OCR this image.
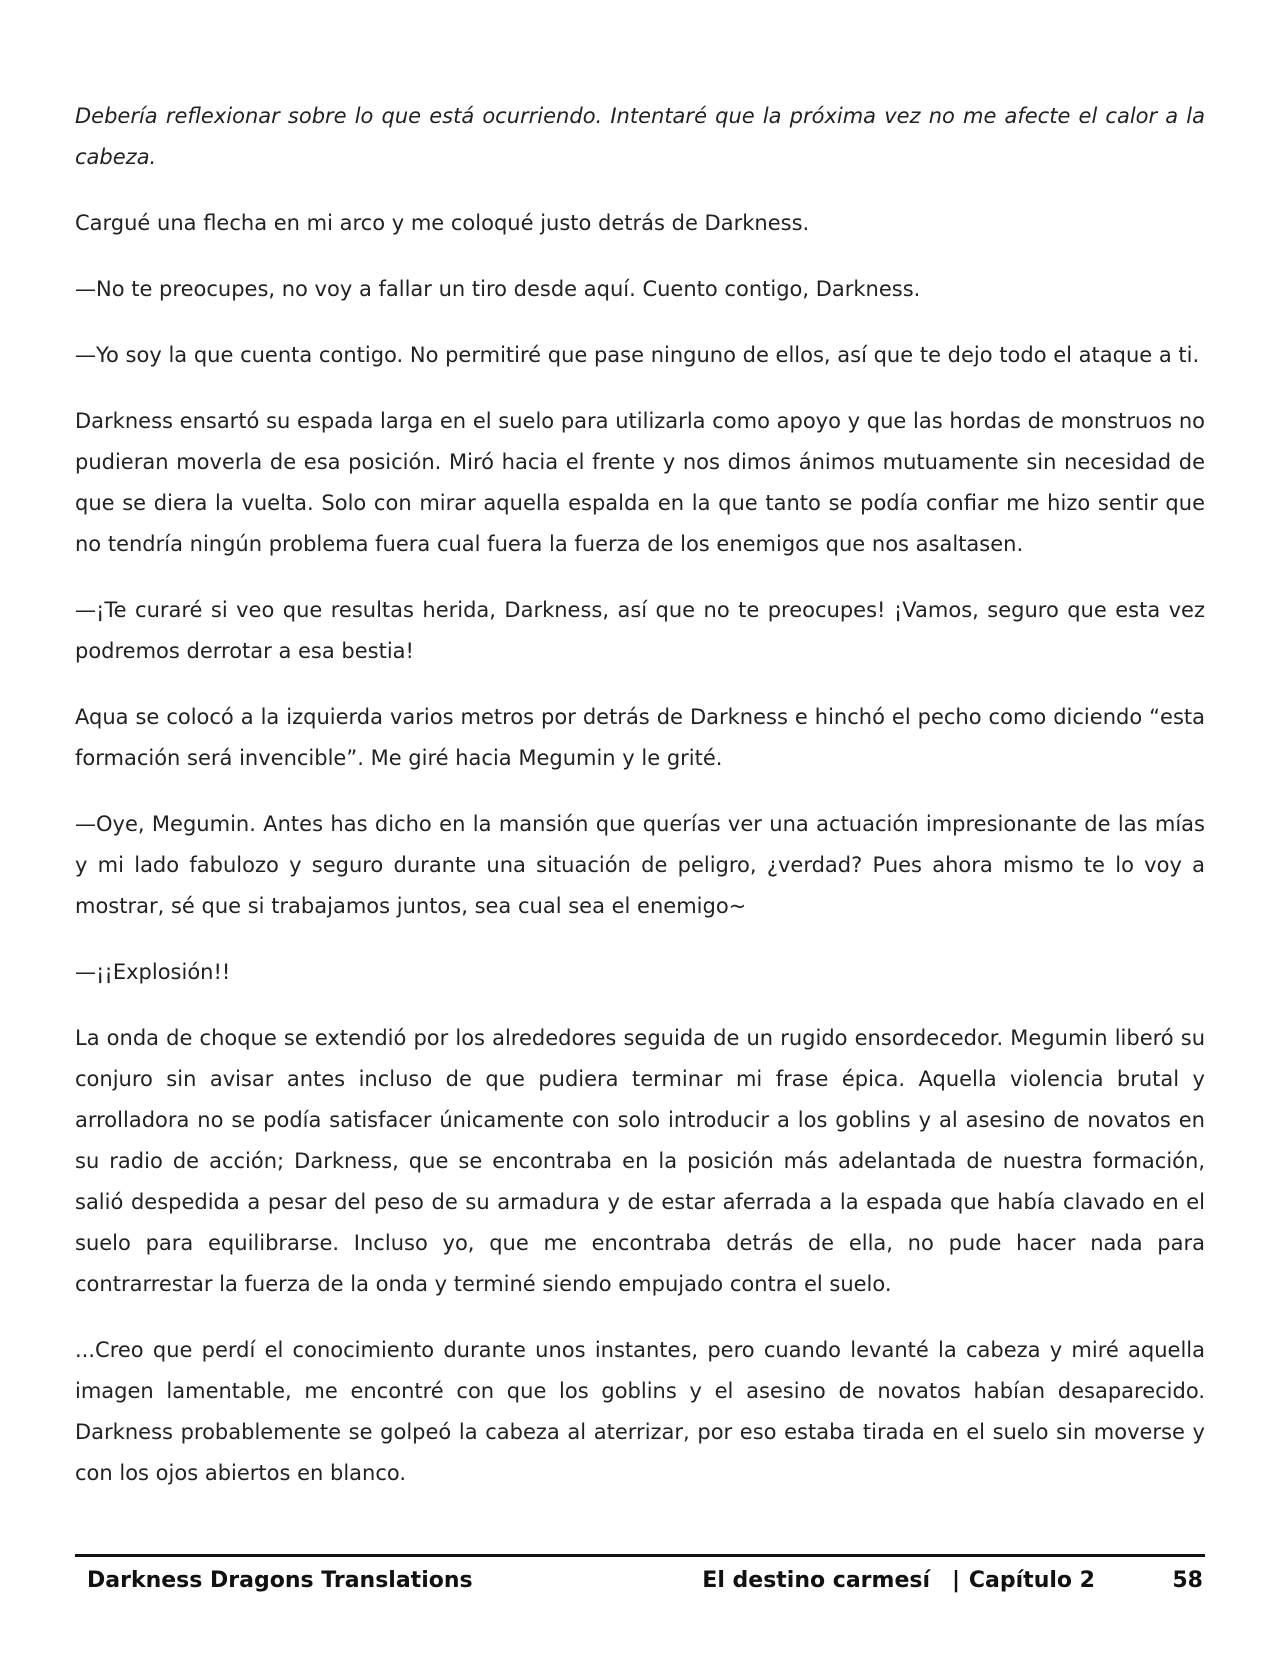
Debería reflexionar sobre lo que está ocurriendo. Intentaré que la próxima vez no me afecte el calor a la cabeza.

Cargué una flecha en mi arco y me coloqué justo detrás de Darkness.

—No te preocupes, no voy a fallar un tiro desde aquí. Cuento contigo, Darkness.

—Yo soy la que cuenta contigo. No permitiré que pase ninguno de ellos, así que te dejo todo el ataque a ti.

Darkness ensartó su espada larga en el suelo para utilizarla como apoyo y que las hordas de monstruos no pudieran moverla de esa posición. Miró hacia el frente y nos dimos ánimos mutuamente sin necesidad de que se diera la vuelta. Solo con mirar aquella espalda en la que tanto se podía confiar me hizo sentir que no tendría ningún problema fuera cual fuera la fuerza de los enemigos que nos asaltasen.

—¡Te curaré si veo que resultas herida, Darkness, así que no te preocupes! ¡Vamos, seguro que esta vez podremos derrotar a esa bestia!

Aqua se colocó a la izquierda varios metros por detrás de Darkness e hinchó el pecho como diciendo “esta formación será invencible”. Me giré hacia Megumin y le grité.

—Oye, Megumin. Antes has dicho en la mansión que querías ver una actuación impresionante de las mías y mi lado fabulozo y seguro durante una situación de peligro, ¿verdad? Pues ahora mismo te lo voy a mostrar, sé que si trabajamos juntos, sea cual sea el enemigo~

—¡¡Explosión!!

La onda de choque se extendió por los alrededores seguida de un rugido ensordecedor. Megumin liberó su conjuro sin avisar antes incluso de que pudiera terminar mi frase épica. Aquella violencia brutal y arrolladora no se podía satisfacer únicamente con solo introducir a los goblins y al asesino de novatos en su radio de acción; Darkness, que se encontraba en la posición más adelantada de nuestra formación, salió despedida a pesar del peso de su armadura y de estar aferrada a la espada que había clavado en el suelo para equilibrarse. Incluso yo, que me encontraba detrás de ella, no pude hacer nada para contrarrestar la fuerza de la onda y terminé siendo empujado contra el suelo.

...Creo que perdí el conocimiento durante unos instantes, pero cuando levanté la cabeza y miré aquella imagen lamentable, me encontré con que los goblins y el asesino de novatos habían desaparecido. Darkness probablemente se golpeó la cabeza al aterrizar, por eso estaba tirada en el suelo sin moverse y con los ojos abiertos en blanco.

Darkness Dragons Translations	El destino carmesí | Capítulo 2	58
